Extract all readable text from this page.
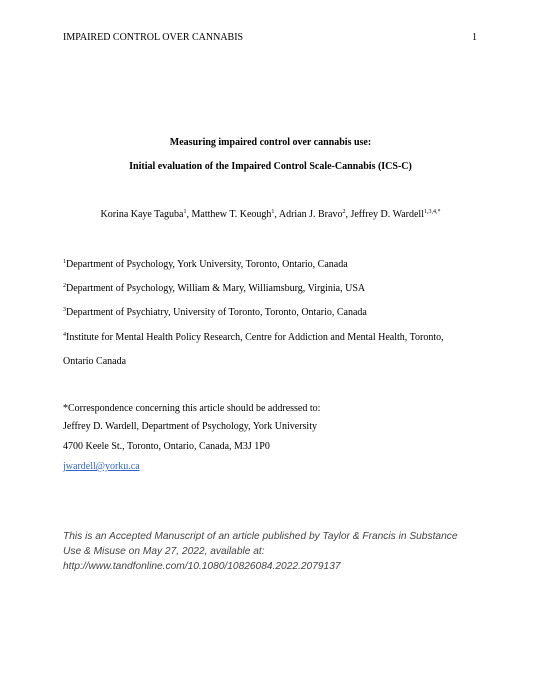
IMPAIRED CONTROL OVER CANNABIS	1
Measuring impaired control over cannabis use:
Initial evaluation of the Impaired Control Scale-Cannabis (ICS-C)
Korina Kaye Taguba$^1$, Matthew T. Keough$^1$, Adrian J. Bravo$^2$, Jeffrey D. Wardell$^{1,3,4,*}$
$^1$Department of Psychology, York University, Toronto, Ontario, Canada
$^2$Department of Psychology, William & Mary, Williamsburg, Virginia, USA
$^3$Department of Psychiatry, University of Toronto, Toronto, Ontario, Canada
$^4$Institute for Mental Health Policy Research, Centre for Addiction and Mental Health, Toronto,
Ontario Canada
*Correspondence concerning this article should be addressed to:
Jeffrey D. Wardell, Department of Psychology, York University
4700 Keele St., Toronto, Ontario, Canada, M3J 1P0
jwardell@yorku.ca
This is an Accepted Manuscript of an article published by Taylor & Francis in Substance
Use & Misuse on May 27, 2022, available at:
http://www.tandfonline.com/10.1080/10826084.2022.2079137
